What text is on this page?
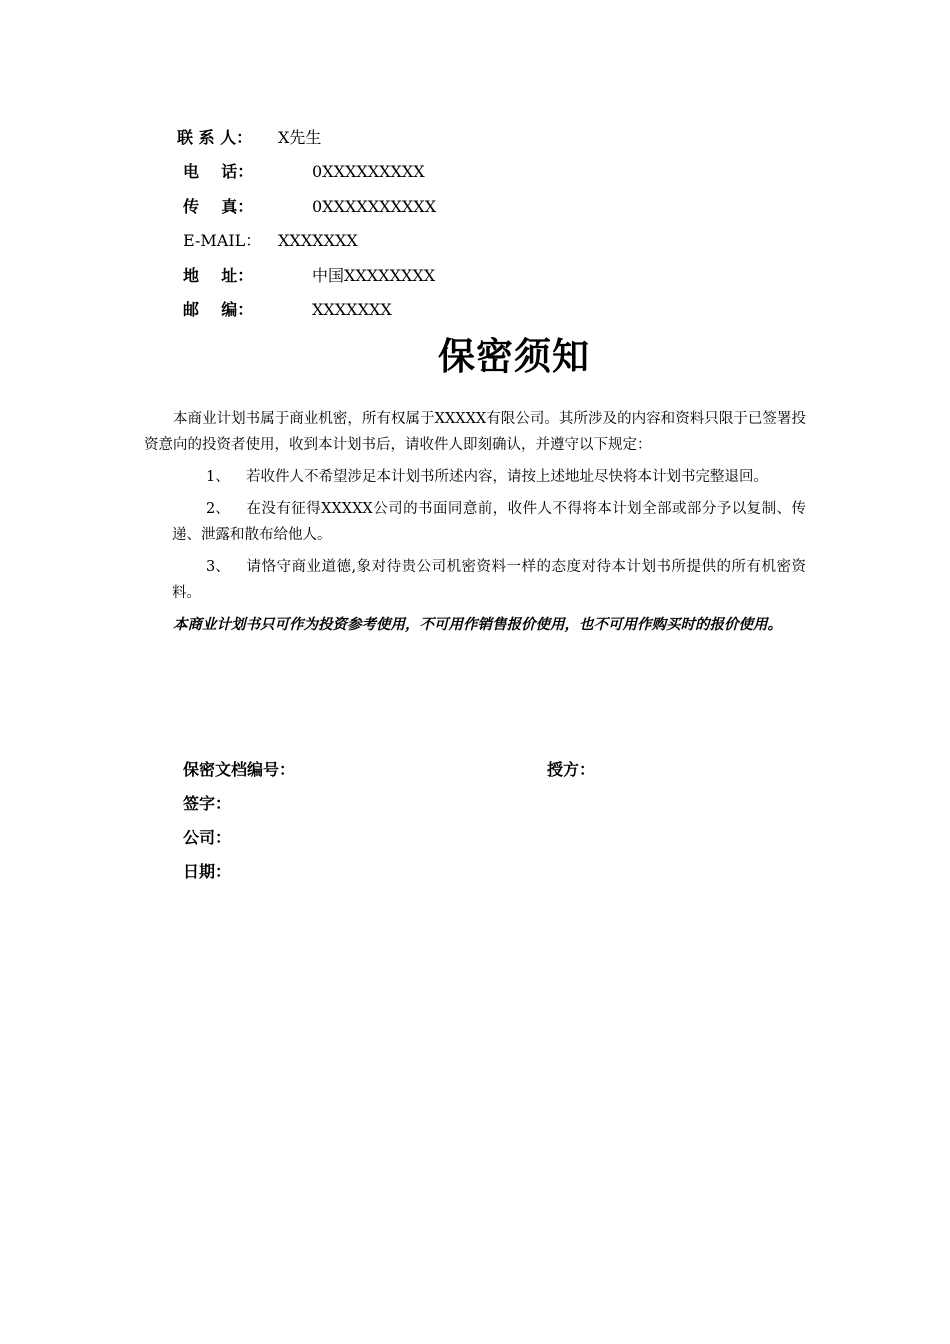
联 系 人： X先生
电    话：	0XXXXXXXXX
传    真：	0XXXXXXXXXX
E-MAIL： XXXXXXX
地    址：	中国XXXXXXXX
邮    编：	XXXXXXX
保密须知

本商业计划书属于商业机密，所有权属于XXXXX有限公司。其所涉及的内容和资料只限于已签署投资意向的投资者使用，收到本计划书后，请收件人即刻确认，并遵守以下规定：

1、 若收件人不希望涉足本计划书所述内容，请按上述地址尽快将本计划书完整退回。

2、 在没有征得XXXXX公司的书面同意前，收件人不得将本计划全部或部分予以复制、传递、泄露和散布给他人。

3、 请恪守商业道德,象对待贵公司机密资料一样的态度对待本计划书所提供的所有机密资料。

本商业计划书只可作为投资参考使用，不可用作销售报价使用，也不可用作购买时的报价使用。

保密文档编号：	授方：
签字：
公司：
日期：
